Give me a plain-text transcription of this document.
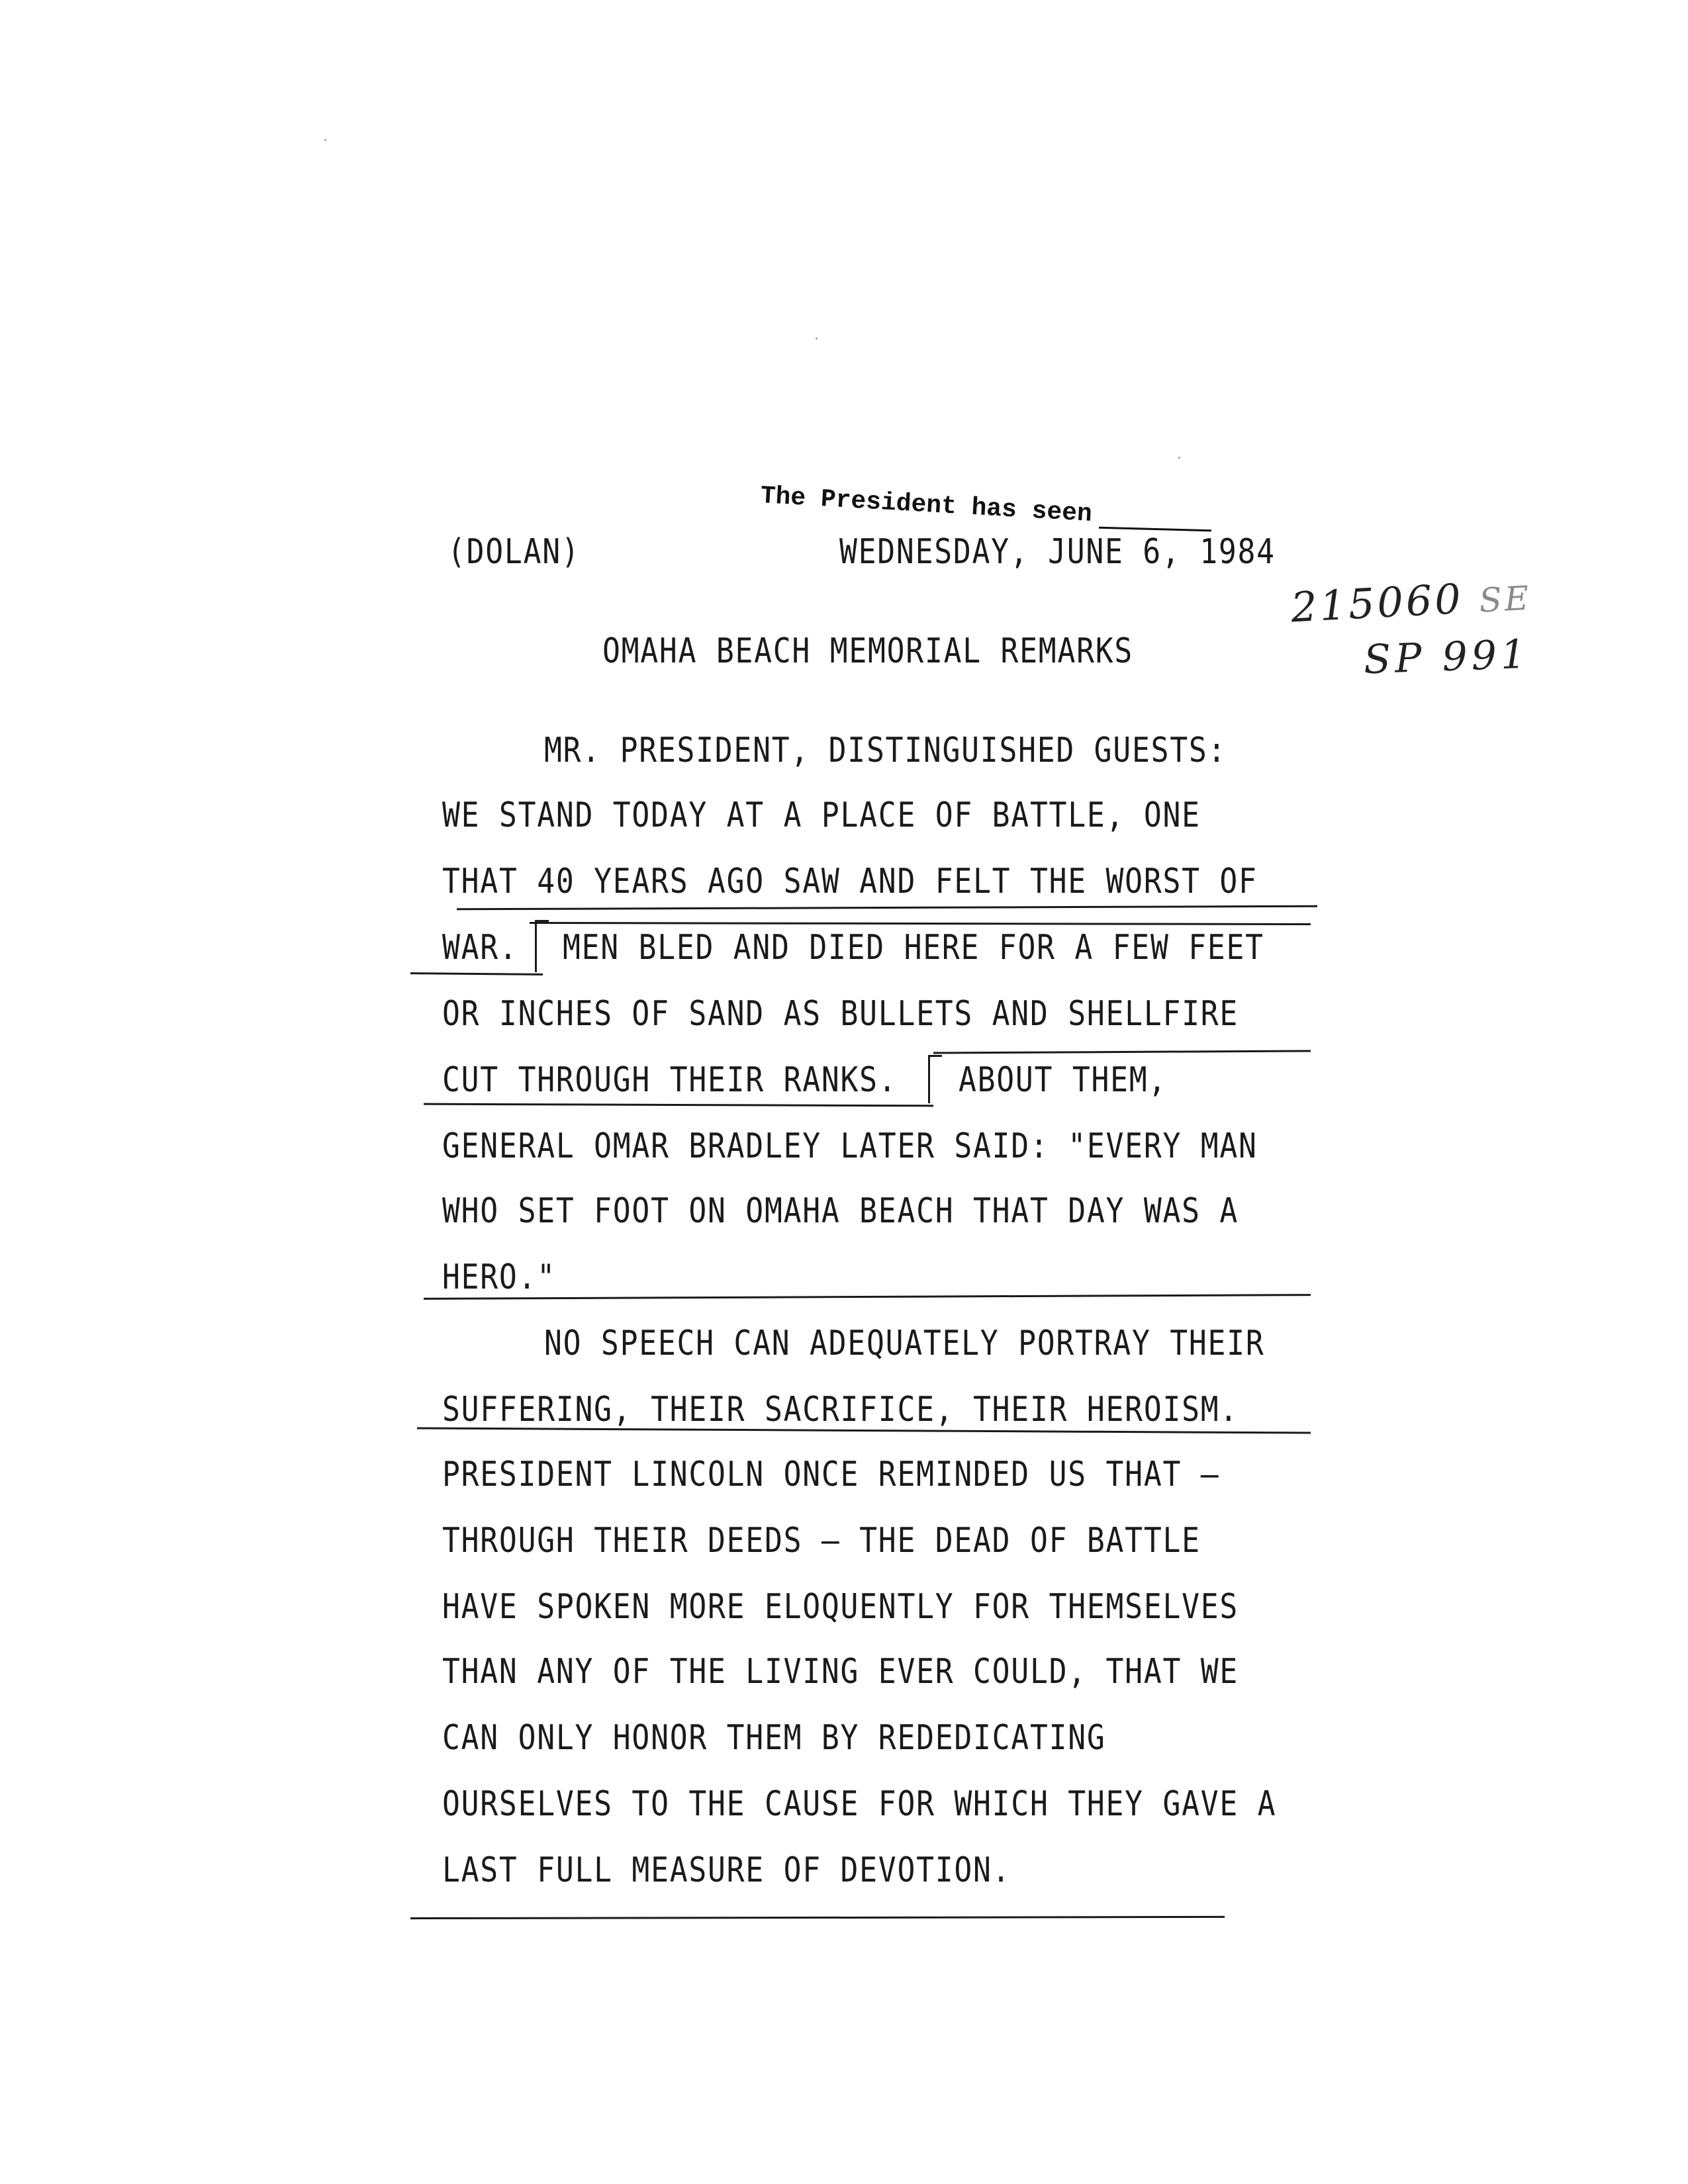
The President has seen
(DOLAN)	WEDNESDAY, JUNE 6, 1984
215060 SE
SP 991
OMAHA BEACH MEMORIAL REMARKS
MR. PRESIDENT, DISTINGUISHED GUESTS:
WE STAND TODAY AT A PLACE OF BATTLE, ONE
THAT 40 YEARS AGO SAW AND FELT THE WORST OF
WAR. MEN BLED AND DIED HERE FOR A FEW FEET
OR INCHES OF SAND AS BULLETS AND SHELLFIRE
CUT THROUGH THEIR RANKS. ABOUT THEM,
GENERAL OMAR BRADLEY LATER SAID: "EVERY MAN
WHO SET FOOT ON OMAHA BEACH THAT DAY WAS A
HERO."
NO SPEECH CAN ADEQUATELY PORTRAY THEIR
SUFFERING, THEIR SACRIFICE, THEIR HEROISM.
PRESIDENT LINCOLN ONCE REMINDED US THAT —
THROUGH THEIR DEEDS — THE DEAD OF BATTLE
HAVE SPOKEN MORE ELOQUENTLY FOR THEMSELVES
THAN ANY OF THE LIVING EVER COULD, THAT WE
CAN ONLY HONOR THEM BY REDEDICATING
OURSELVES TO THE CAUSE FOR WHICH THEY GAVE A
LAST FULL MEASURE OF DEVOTION.
